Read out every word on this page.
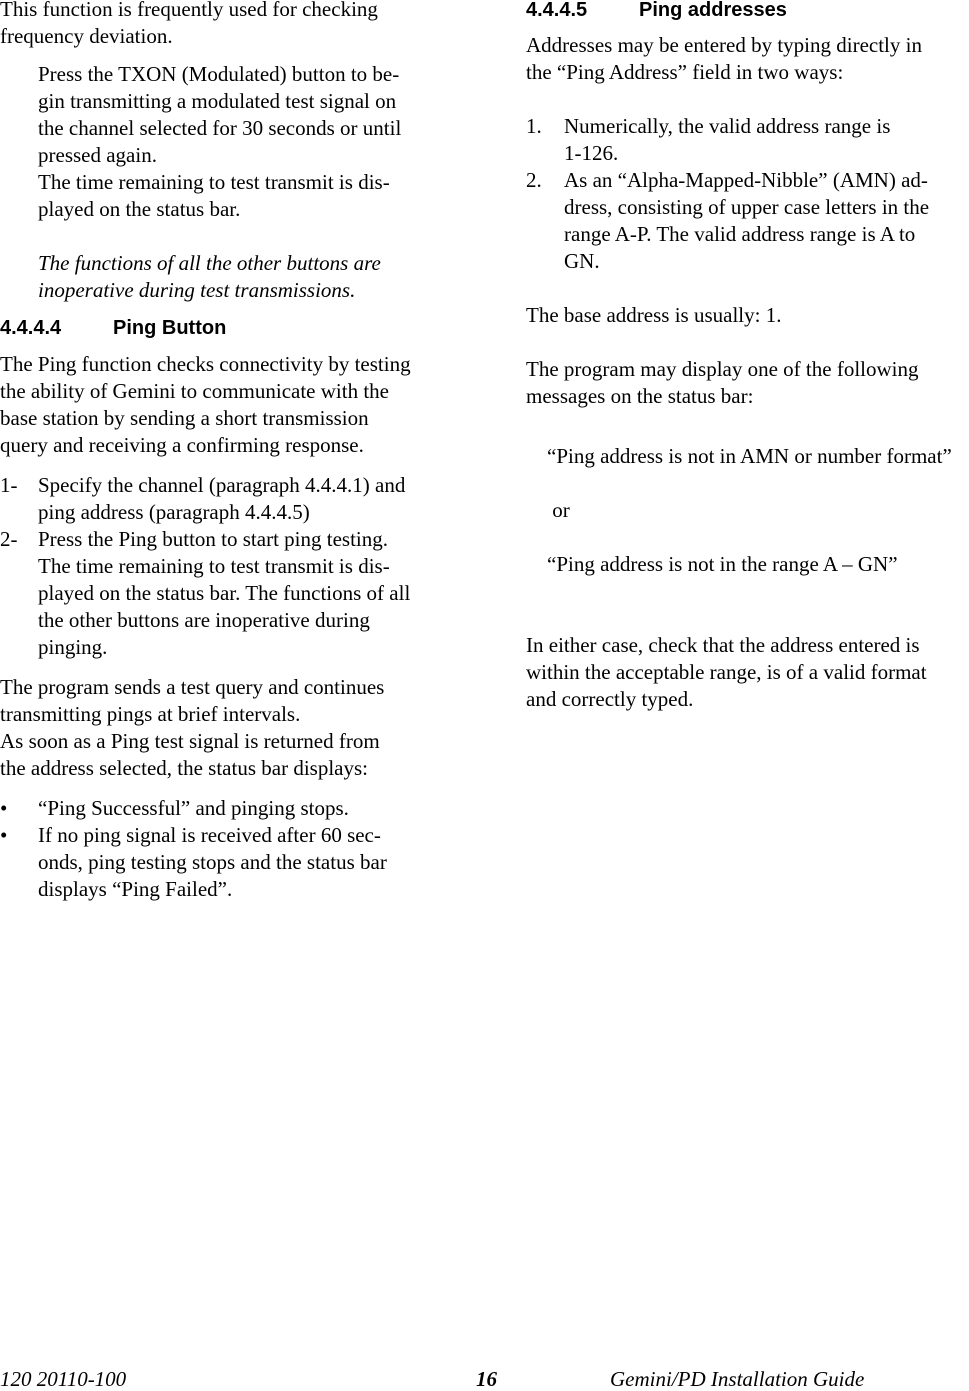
This function is frequently used for checking
frequency deviation.

Press the TXON (Modulated) button to be-
gin transmitting a modulated test signal on
the channel selected for 30 seconds or until
pressed again.
The time remaining to test transmit is dis-
played on the status bar.

The functions of all the other buttons are
inoperative during test transmissions.

4.4.4.4	Ping Button

The Ping function checks connectivity by testing
the ability of Gemini to communicate with the
base station by sending a short transmission
query and receiving a confirming response.

1- Specify the channel (paragraph 4.4.4.1) and
ping address (paragraph 4.4.4.5)
2- Press the Ping button to start ping testing.
The time remaining to test transmit is dis-
played on the status bar. The functions of all
the other buttons are inoperative during
pinging.

The program sends a test query and continues
transmitting pings at brief intervals.
As soon as a Ping test signal is returned from
the address selected, the status bar displays:

•	“Ping Successful” and pinging stops.
•	If no ping signal is received after 60 sec-
onds, ping testing stops and the status bar
displays “Ping Failed”.
4.4.4.5	Ping addresses

Addresses may be entered by typing directly in
the “Ping Address” field in two ways:

1.	Numerically, the valid address range is
1-126.
2.	As an “Alpha-Mapped-Nibble” (AMN) ad-
dress, consisting of upper case letters in the
range A-P. The valid address range is A to
GN.

The base address is usually: 1.

The program may display one of the following
messages on the status bar:

“Ping address is not in AMN or number format”

or

“Ping address is not in the range A – GN”

In either case, check that the address entered is
within the acceptable range, is of a valid format
and correctly typed.

120 20110-100	16	Gemini/PD Installation Guide
